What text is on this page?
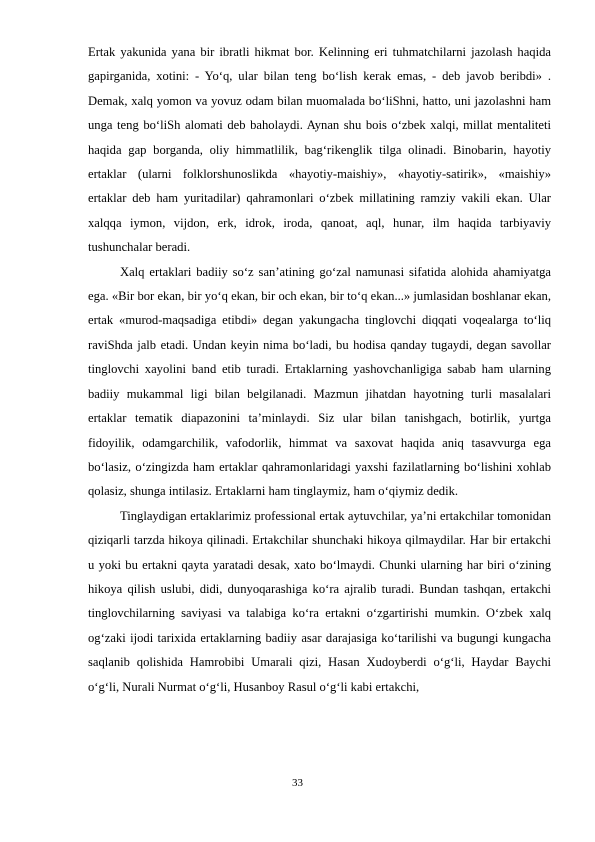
Ertak yakunida yana bir ibratli hikmat bor. Kelinning eri tuhmatchilarni jazolash haqida gapirganida, xotini: - Yo‘q, ular bilan teng bo‘lish kerak emas, - deb javob beribdi» . Demak, xalq yomon va yovuz odam bilan muomalada bo‘liShni, hatto, uni jazolashni ham unga teng bo‘liSh alomati deb baholaydi. Aynan shu bois o‘zbek xalqi, millat mentaliteti haqida gap borganda, oliy himmatlilik, bag‘rikenglik tilga olinadi. Binobarin, hayotiy ertaklar (ularni folklorshunoslikda «hayotiy-maishiy», «hayotiy-satirik», «maishiy» ertaklar deb ham yuritadilar) qahramonlari o‘zbek millatining ramziy vakili ekan. Ular xalqqa iymon, vijdon, erk, idrok, iroda, qanoat, aql, hunar, ilm haqida tarbiyaviy tushunchalar beradi.

Xalq ertaklari badiiy so‘z san’atining go‘zal namunasi sifatida alohida ahamiyatga ega. «Bir bor ekan, bir yo‘q ekan, bir och ekan, bir to‘q ekan...» jumlasidan boshlanar ekan, ertak «murod-maqsadiga etibdi» degan yakungacha tinglovchi diqqati voqealarga to‘liq raviShda jalb etadi. Undan keyin nima bo‘ladi, bu hodisa qanday tugaydi, degan savollar tinglovchi xayolini band etib turadi. Ertaklarning yashovchanligiga sabab ham ularning badiiy mukammal ligi bilan belgilanadi. Mazmun jihatdan hayotning turli masalalari ertaklar tematik diapazonini ta’minlaydi. Siz ular bilan tanishgach, botirlik, yurtga fidoyilik, odamgarchilik, vafodorlik, himmat va saxovat haqida aniq tasavvurga ega bo‘lasiz, o‘zingizda ham ertaklar qahramonlaridagi yaxshi fazilatlarning bo‘lishini xohlab qolasiz, shunga intilasiz. Ertaklarni ham tinglaymiz, ham o‘qiymiz dedik.

Tinglaydigan ertaklarimiz professional ertak aytuvchilar, ya’ni ertakchilar tomonidan qiziqarli tarzda hikoya qilinadi. Ertakchilar shunchaki hikoya qilmaydilar. Har bir ertakchi u yoki bu ertakni qayta yaratadi desak, xato bo‘lmaydi. Chunki ularning har biri o‘zining hikoya qilish uslubi, didi, dunyoqarashiga ko‘ra ajralib turadi. Bundan tashqan, ertakchi tinglovchilarning saviyasi va talabiga ko‘ra ertakni o‘zgartirishi mumkin. O‘zbek xalq og‘zaki ijodi tarixida ertaklarning badiiy asar darajasiga ko‘tarilishi va bugungi kungacha saqlanib qolishida Hamrobibi Umarali qizi, Hasan Xudoyberdi o‘g‘li, Haydar Baychi o‘g‘li, Nurali Nurmat o‘g‘li, Husanboy Rasul o‘g‘li kabi ertakchi,

33
